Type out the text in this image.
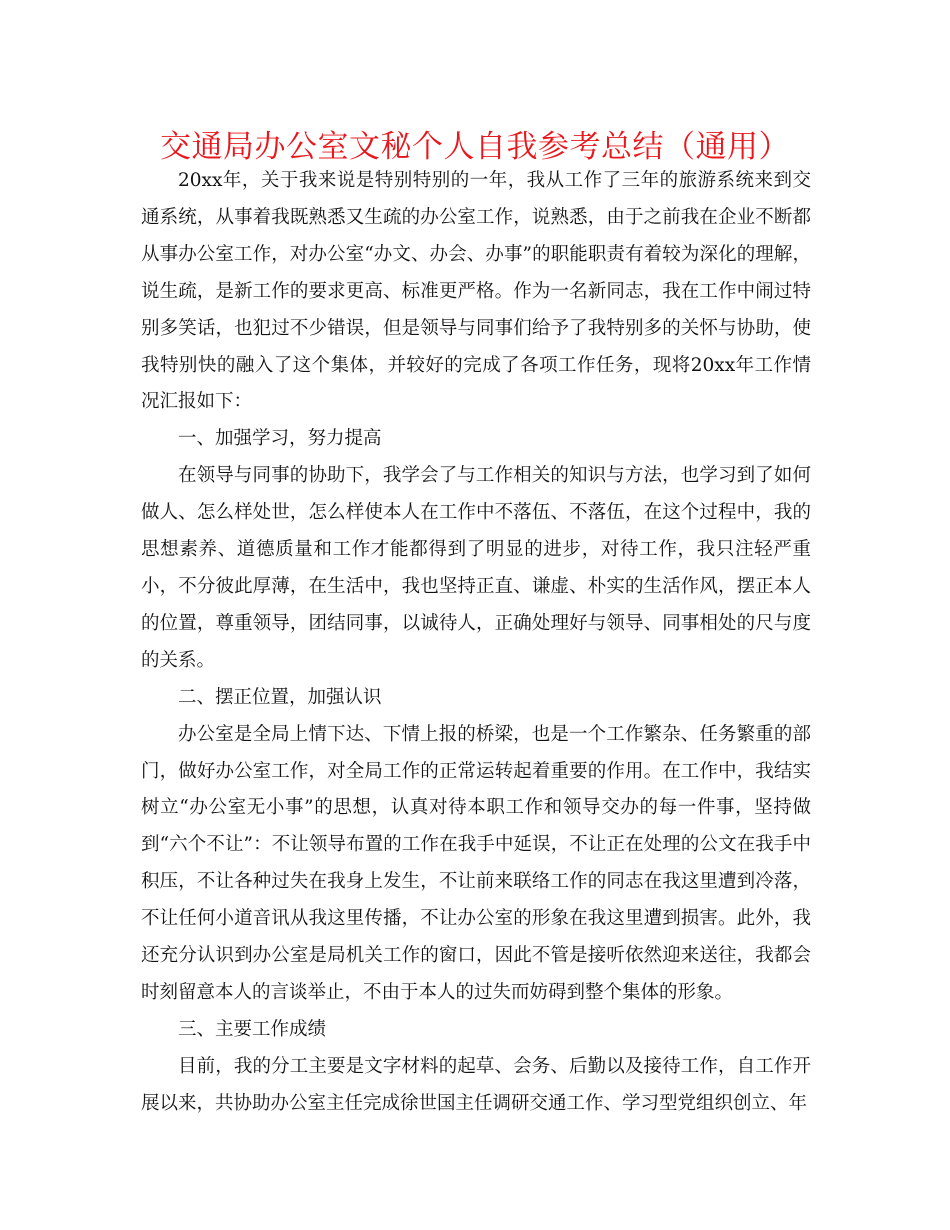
交通局办公室文秘个人自我参考总结（通用）

20xx年，关于我来说是特别特别的一年，我从工作了三年的旅游系统来到交通系统，从事着我既熟悉又生疏的办公室工作，说熟悉，由于之前我在企业不断都从事办公室工作，对办公室“办文、办会、办事”的职能职责有着较为深化的理解，说生疏，是新工作的要求更高、标准更严格。作为一名新同志，我在工作中闹过特别多笑话，也犯过不少错误，但是领导与同事们给予了我特别多的关怀与协助，使我特别快的融入了这个集体，并较好的完成了各项工作任务，现将20xx年工作情况汇报如下：

一、加强学习，努力提高

在领导与同事的协助下，我学会了与工作相关的知识与方法，也学习到了如何做人、怎么样处世，怎么样使本人在工作中不落伍、不落伍，在这个过程中，我的思想素养、道德质量和工作才能都得到了明显的进步，对待工作，我只注轻严重小，不分彼此厚薄，在生活中，我也坚持正直、谦虚、朴实的生活作风，摆正本人的位置，尊重领导，团结同事，以诚待人，正确处理好与领导、同事相处的尺与度的关系。

二、摆正位置，加强认识

办公室是全局上情下达、下情上报的桥梁，也是一个工作繁杂、任务繁重的部门，做好办公室工作，对全局工作的正常运转起着重要的作用。在工作中，我结实树立“办公室无小事”的思想，认真对待本职工作和领导交办的每一件事，坚持做到“六个不让”：不让领导布置的工作在我手中延误，不让正在处理的公文在我手中积压，不让各种过失在我身上发生，不让前来联络工作的同志在我这里遭到冷落，不让任何小道音讯从我这里传播，不让办公室的形象在我这里遭到损害。此外，我还充分认识到办公室是局机关工作的窗口，因此不管是接听依然迎来送往，我都会时刻留意本人的言谈举止，不由于本人的过失而妨碍到整个集体的形象。

三、主要工作成绩

目前，我的分工主要是文字材料的起草、会务、后勤以及接待工作，自工作开展以来，共协助办公室主任完成徐世国主任调研交通工作、学习型党组织创立、年
